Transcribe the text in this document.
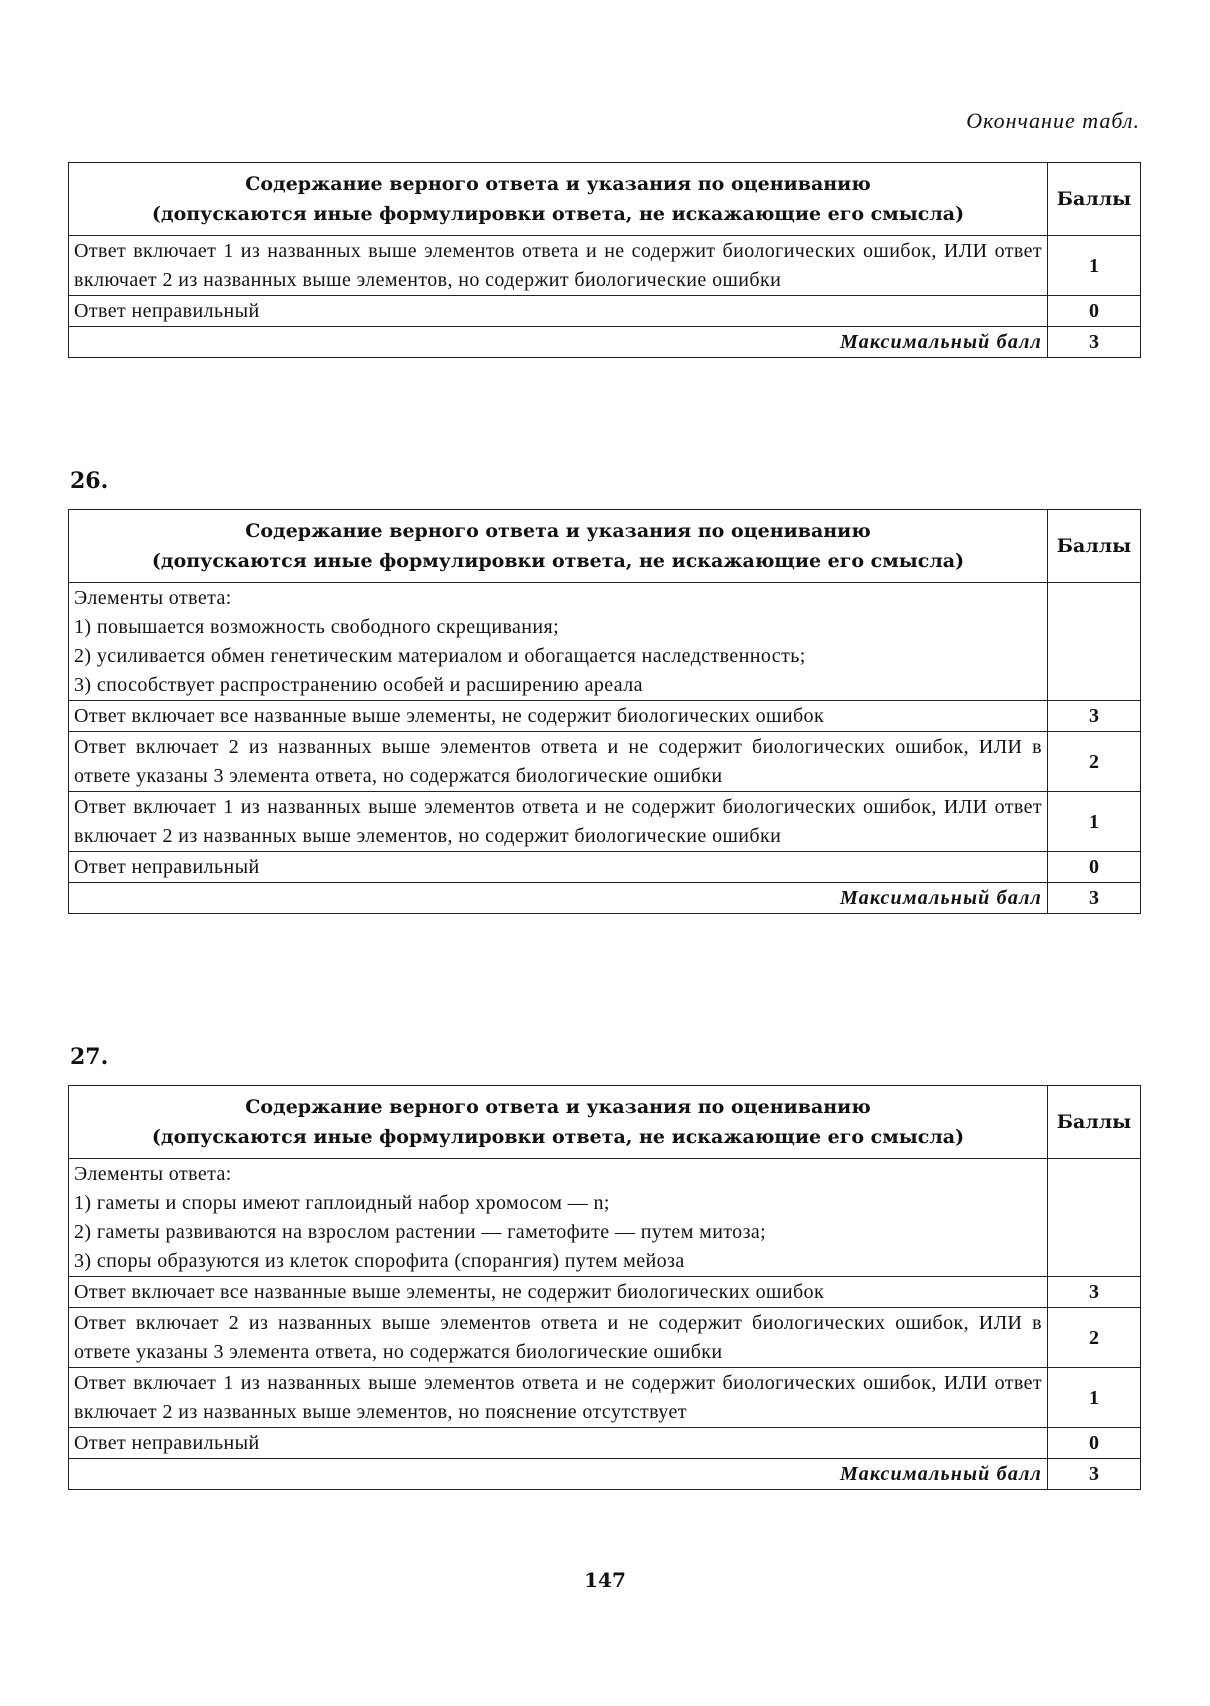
Окончание табл.
Содержание верного ответа и указания по оцениванию
(допускаются иные формулировки ответа, не искажающие его смысла)	Баллы
Ответ включает 1 из названных выше элементов ответа и не содержит биологических ошибок, ИЛИ ответ включает 2 из названных выше элементов, но содержит биологические ошибки	1
Ответ неправильный	0
Максимальный балл	3
26.
Содержание верного ответа и указания по оцениванию
(допускаются иные формулировки ответа, не искажающие его смысла)	Баллы

Элементы ответа:
1) повышается возможность свободного скрещивания;
2) усиливается обмен генетическим материалом и обогащается наследственность;
3) способствует распространению особей и расширению ареала	

Ответ включает все названные выше элементы, не содержит биологических ошибок	3
Ответ включает 2 из названных выше элементов ответа и не содержит биологических ошибок, ИЛИ в ответе указаны 3 элемента ответа, но содержатся биологические ошибки	2
Ответ включает 1 из названных выше элементов ответа и не содержит биологических ошибок, ИЛИ ответ включает 2 из названных выше элементов, но содержит биологические ошибки	1
Ответ неправильный	0
Максимальный балл	3
27.
Содержание верного ответа и указания по оцениванию
(допускаются иные формулировки ответа, не искажающие его смысла)	Баллы

Элементы ответа:
1) гаметы и споры имеют гаплоидный набор хромосом — n;
2) гаметы развиваются на взрослом растении — гаметофите — путем митоза;
3) споры образуются из клеток спорофита (спорангия) путем мейоза	

Ответ включает все названные выше элементы, не содержит биологических ошибок	3
Ответ включает 2 из названных выше элементов ответа и не содержит биологических ошибок, ИЛИ в ответе указаны 3 элемента ответа, но содержатся биологические ошибки	2
Ответ включает 1 из названных выше элементов ответа и не содержит биологических ошибок, ИЛИ ответ включает 2 из названных выше элементов, но пояснение отсутствует	1
Ответ неправильный	0
Максимальный балл	3
147
